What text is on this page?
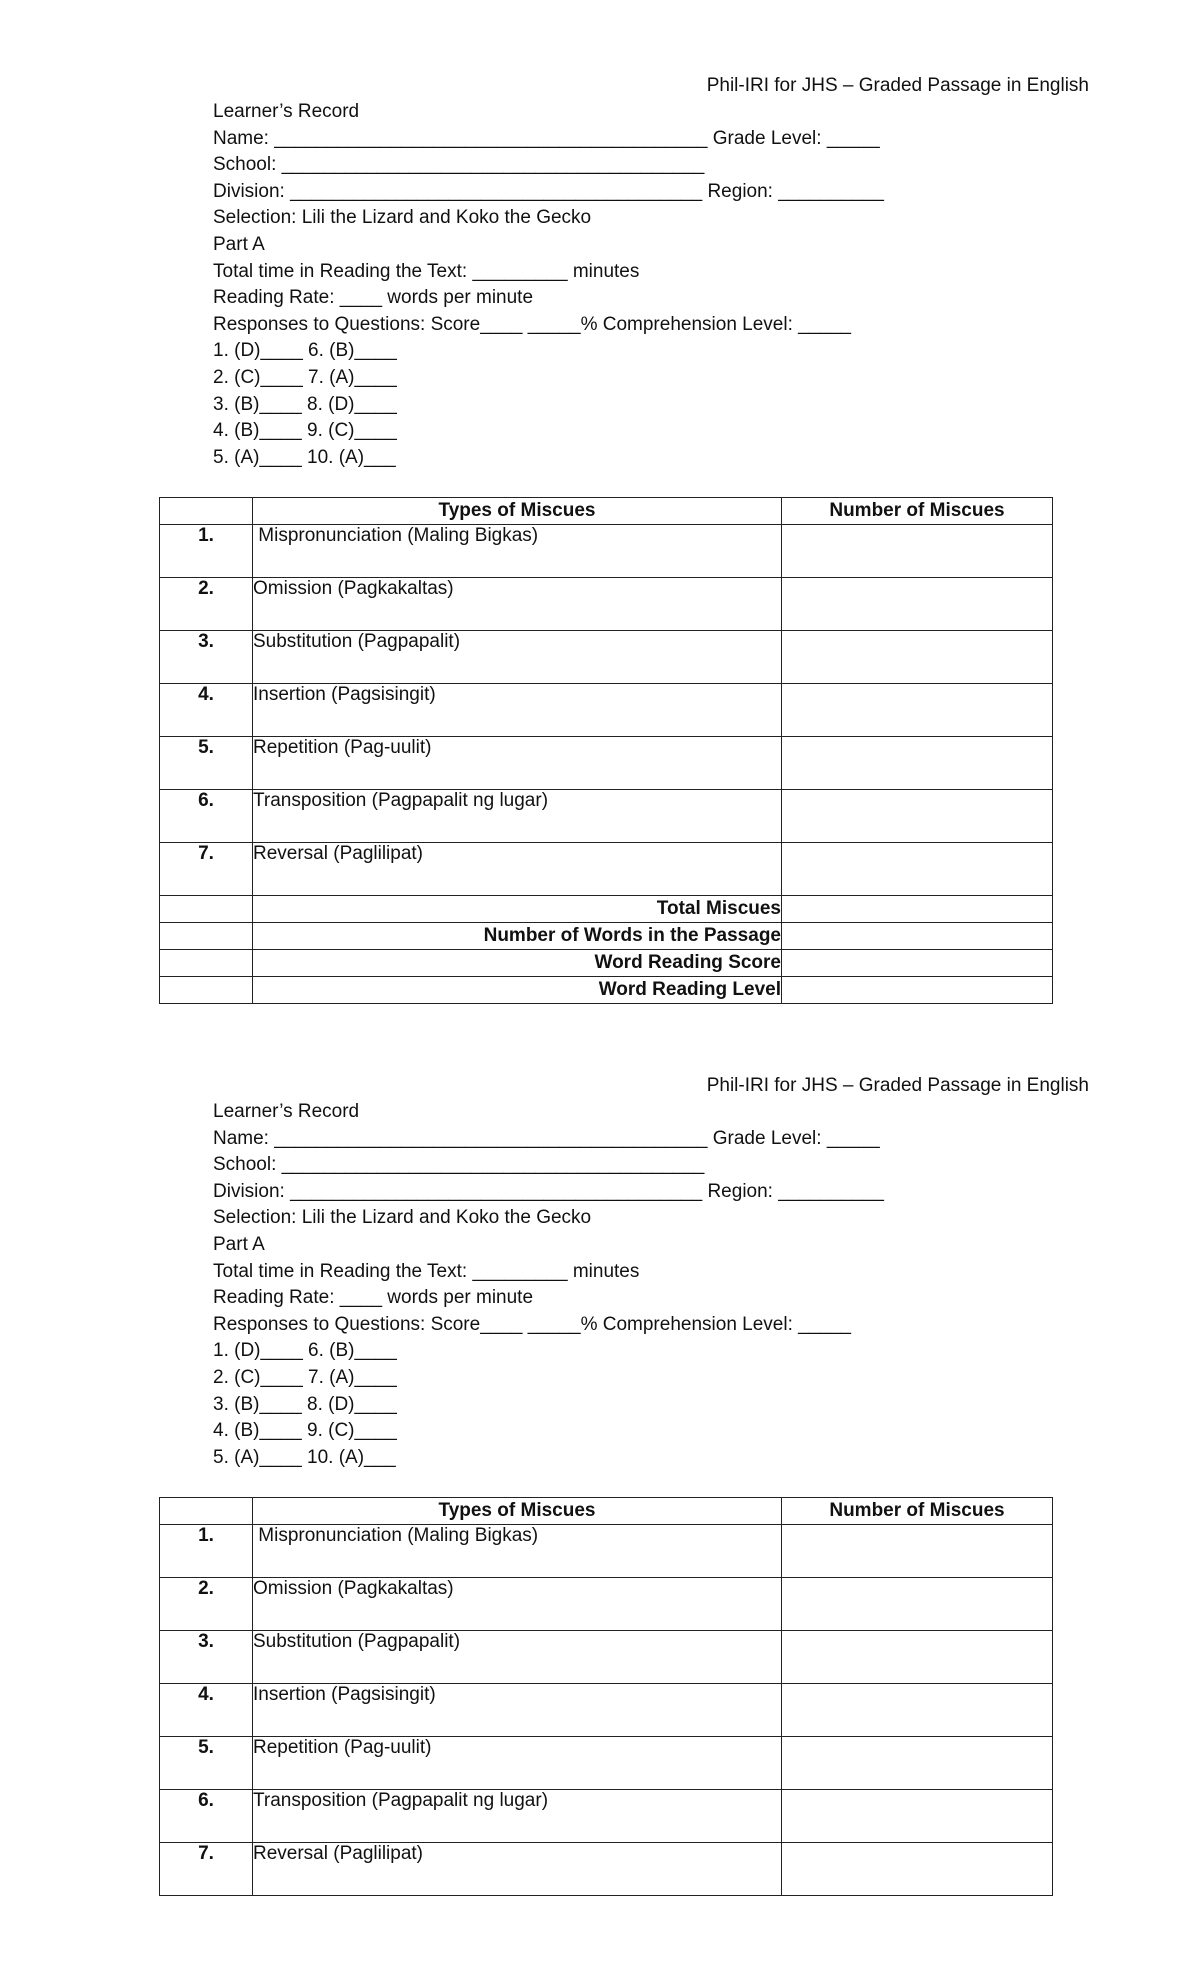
Phil-IRI for JHS – Graded Passage in English
Learner’s Record
Name: _________________________________________ Grade Level: _____
School: ________________________________________
Division: _______________________________________ Region: __________
Selection: Lili the Lizard and Koko the Gecko
Part A
Total time in Reading the Text: _________ minutes
Reading Rate: ____ words per minute
Responses to Questions: Score____ _____% Comprehension Level: _____
1. (D)____ 6. (B)____
2. (C)____ 7. (A)____
3. (B)____ 8. (D)____
4. (B)____ 9. (C)____
5. (A)____ 10. (A)___
	Types of Miscues	Number of Miscues
1.	Mispronunciation (Maling Bigkas)	
2.	Omission (Pagkakaltas)	
3.	Substitution (Pagpapalit)	
4.	Insertion (Pagsisingit)	
5.	Repetition (Pag-uulit)	
6.	Transposition (Pagpapalit ng lugar)	
7.	Reversal (Paglilipat)	
	Total Miscues	
	Number of Words in the Passage	
	Word Reading Score	
	Word Reading Level	
Phil-IRI for JHS – Graded Passage in English
Learner’s Record
Name: _________________________________________ Grade Level: _____
School: ________________________________________
Division: _______________________________________ Region: __________
Selection: Lili the Lizard and Koko the Gecko
Part A
Total time in Reading the Text: _________ minutes
Reading Rate: ____ words per minute
Responses to Questions: Score____ _____% Comprehension Level: _____
1. (D)____ 6. (B)____
2. (C)____ 7. (A)____
3. (B)____ 8. (D)____
4. (B)____ 9. (C)____
5. (A)____ 10. (A)___
	Types of Miscues	Number of Miscues
1.	Mispronunciation (Maling Bigkas)	
2.	Omission (Pagkakaltas)	
3.	Substitution (Pagpapalit)	
4.	Insertion (Pagsisingit)	
5.	Repetition (Pag-uulit)	
6.	Transposition (Pagpapalit ng lugar)	
7.	Reversal (Paglilipat)	
